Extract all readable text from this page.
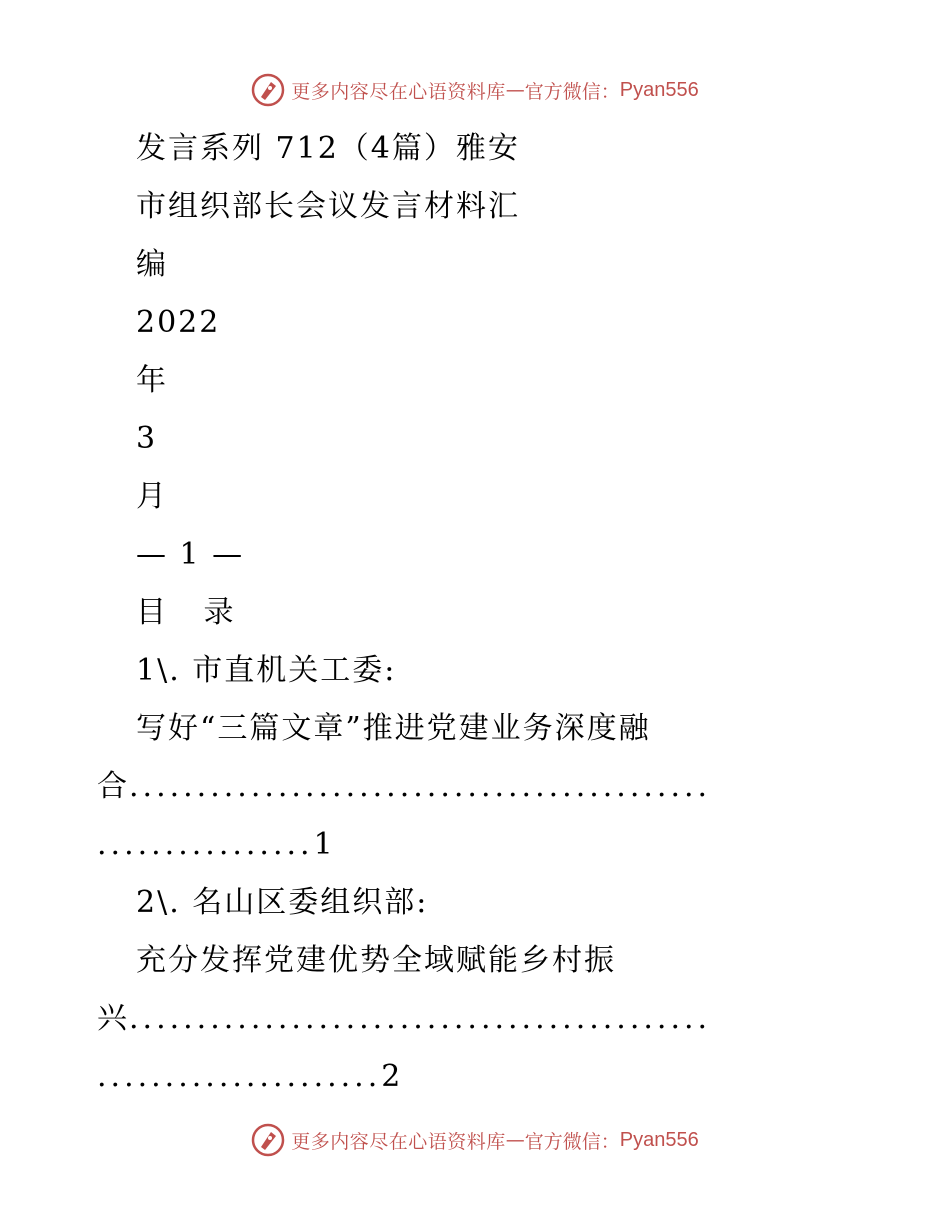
更多内容尽在心语资料库 — 官方微信： Pyan556
发言系列 712（4篇）雅安
市组织部长会议发言材料汇
编
2022
年
3
月
— 1 —
目 录
1\. 市直机关工委:
写好“三篇文章”推进党建业务深度融
合...........................................
................1
2\. 名山区委组织部:
充分发挥党建优势全域赋能乡村振
兴...........................................
.....................2
更多内容尽在心语资料库 — 官方微信： Pyan556
